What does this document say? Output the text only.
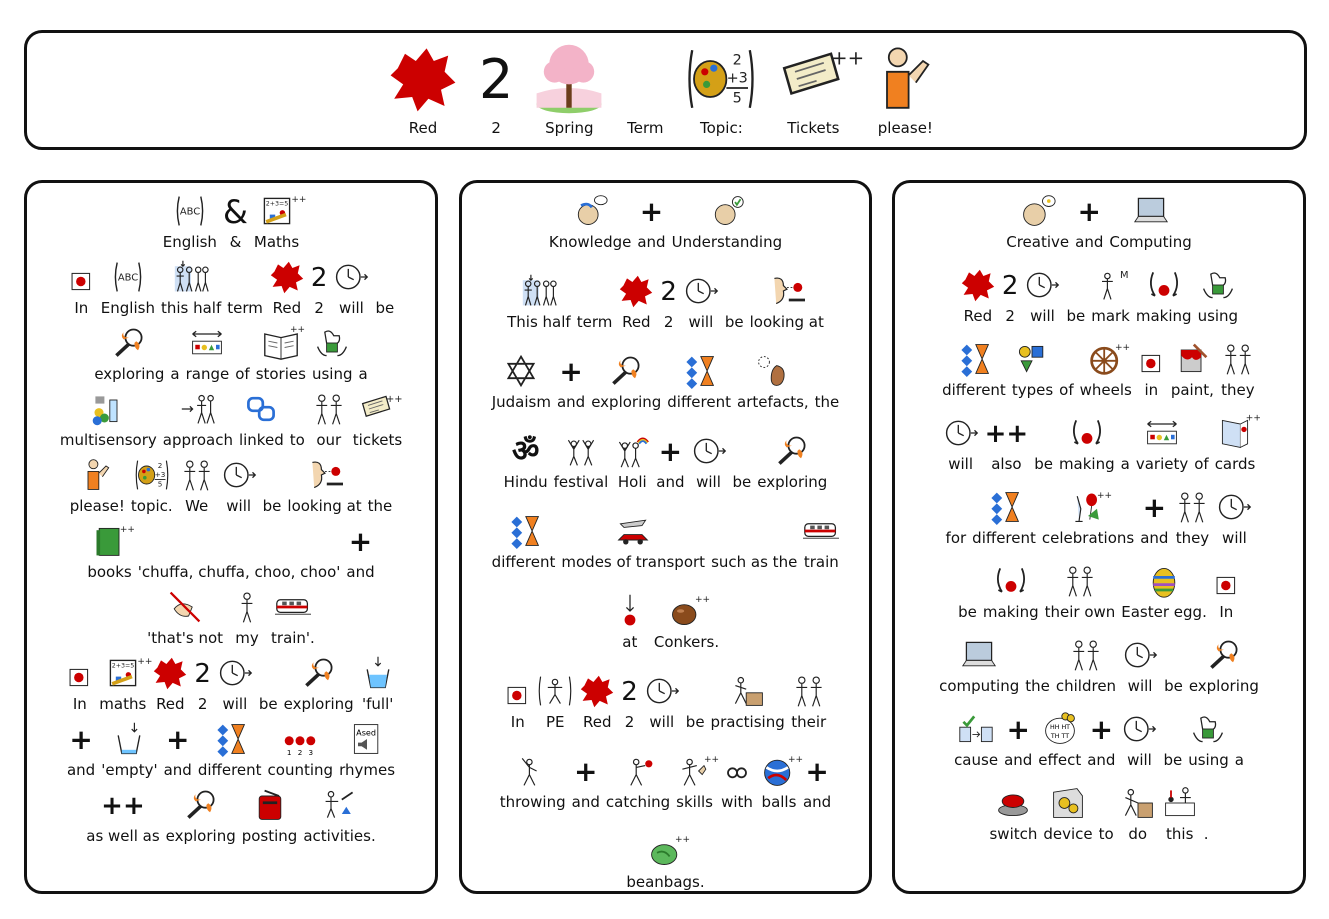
Red
2
2	Spring Term
2
+3
5
Topic:
++
Tickets	please!
ABC
English
&
&
2+3=5 ++
Maths
In
ABC
English this half term Red
2
2 will be
exploring a range of
++
stories using a
multisensory approach linked to our
++
tickets
please!
2
+3
5
topic. We will be looking at the
++
books 'chuffa, chuffa, choo, choo'
+
and
'that's not my train'.
In
2+3=5 ++
maths Red
2
2 will be exploring 'full'
+
and 'empty'
+
and different
1 2 3
counting
Ased
rhymes
++
as well as exploring posting activities.
Knowledge
+
and Understanding
This half term Red
2
2 will be looking at
Judaism
+
and exploring different artefacts, the
ॐ
Hindu festival Holi
+
and will be exploring
different modes of transport such as the train
at
++
Conkers.
In PE Red
2
2 will be practising their
throwing
+
and catching
++
skills with
++
balls
+
and
++
beanbags.
Creative
+
and Computing
Red
2
2 will be
M
mark making using
different types of
++
wheels in paint, they
will
++
also be making a variety of
++
cards
for different
++
celebrations
+
and they will
be making their own Easter egg. In
computing the children will be exploring
cause
+
and
HH HT
TH TT
effect
+
and will be using a
switch device to do this .
